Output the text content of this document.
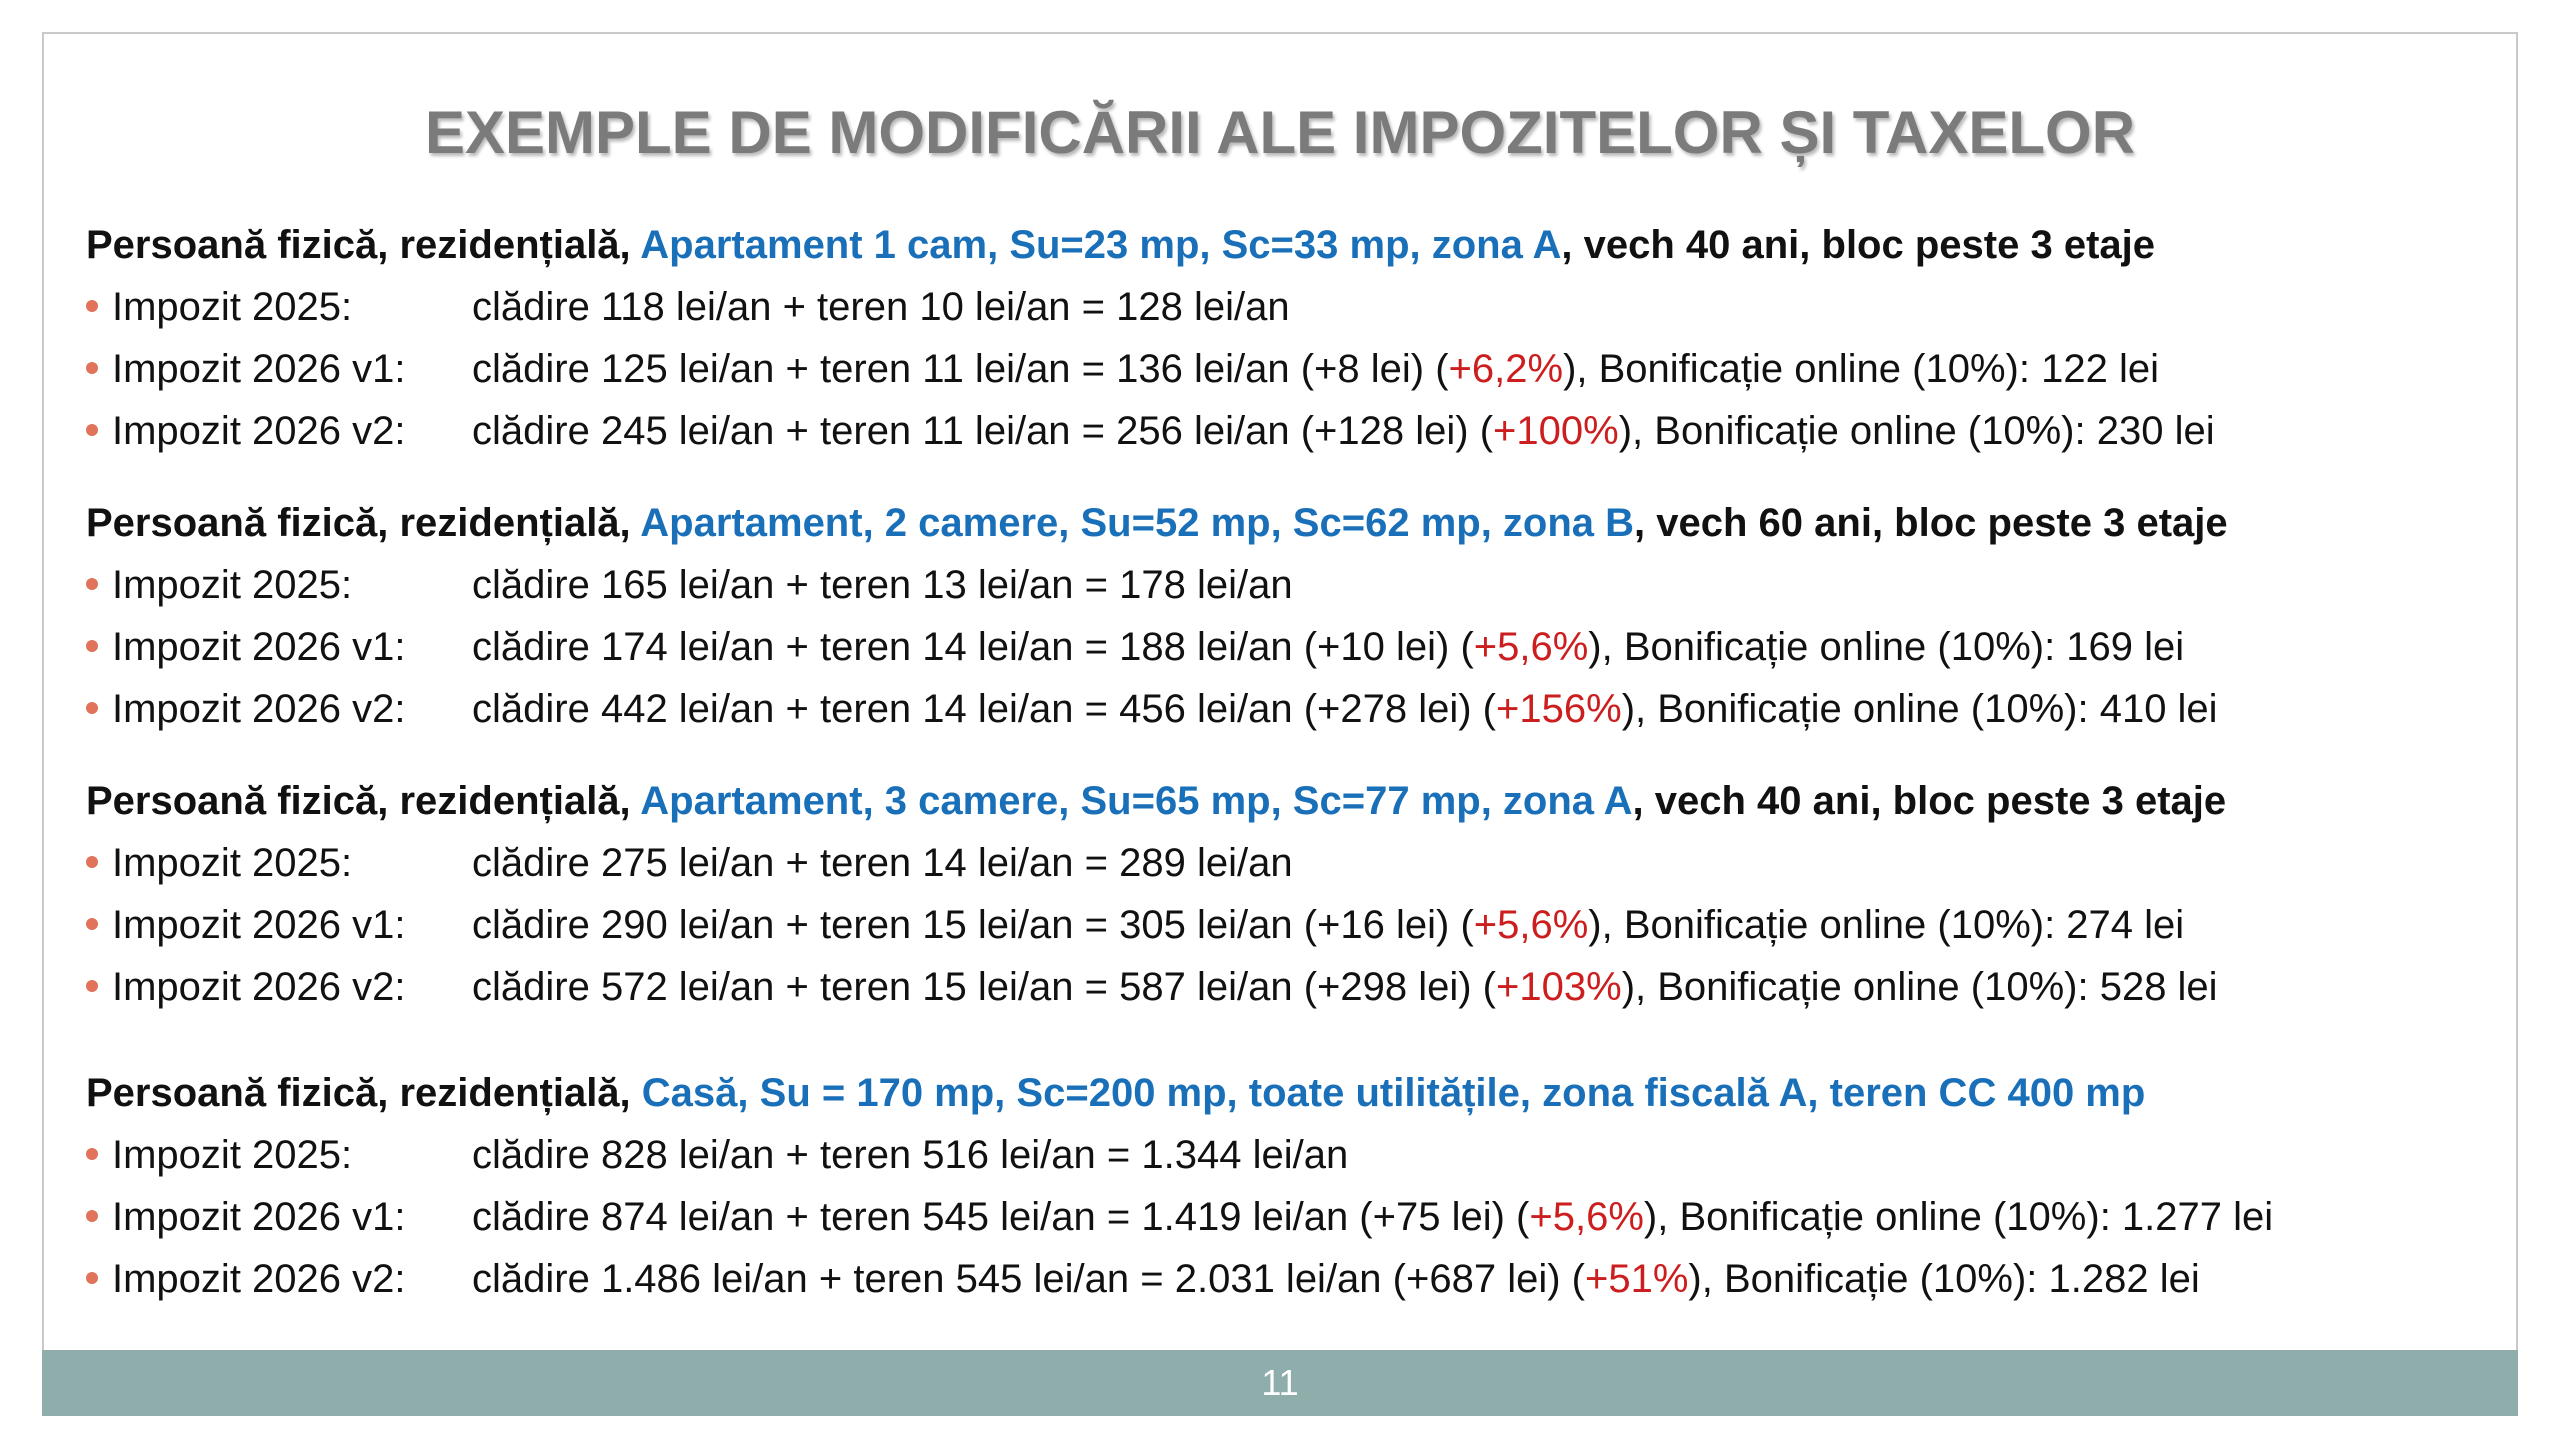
EXEMPLE DE MODIFICĂRII ALE IMPOZITELOR ȘI TAXELOR
Persoană fizică, rezidențială, Apartament 1 cam, Su=23 mp, Sc=33 mp, zona A, vech 40 ani, bloc peste 3 etaje
Impozit 2025:	clădire 118 lei/an + teren 10 lei/an = 128 lei/an
Impozit 2026 v1: clădire 125 lei/an + teren 11 lei/an = 136 lei/an (+8 lei) (+6,2%), Bonificație online (10%): 122 lei
Impozit 2026 v2: clădire 245 lei/an + teren 11 lei/an = 256 lei/an (+128 lei) (+100%), Bonificație online (10%): 230 lei
Persoană fizică, rezidențială, Apartament, 2 camere, Su=52 mp, Sc=62 mp, zona B, vech 60 ani, bloc peste 3 etaje
Impozit 2025:	clădire 165 lei/an + teren 13 lei/an = 178 lei/an
Impozit 2026 v1: clădire 174 lei/an + teren 14 lei/an = 188 lei/an (+10 lei) (+5,6%), Bonificație online (10%): 169 lei
Impozit 2026 v2: clădire 442 lei/an + teren 14 lei/an = 456 lei/an (+278 lei) (+156%), Bonificație online (10%): 410 lei
Persoană fizică, rezidențială, Apartament, 3 camere, Su=65 mp, Sc=77 mp, zona A, vech 40 ani, bloc peste 3 etaje
Impozit 2025:	clădire 275 lei/an + teren 14 lei/an = 289 lei/an
Impozit 2026 v1: clădire 290 lei/an + teren 15 lei/an = 305 lei/an (+16 lei) (+5,6%), Bonificație online (10%): 274 lei
Impozit 2026 v2: clădire 572 lei/an + teren 15 lei/an = 587 lei/an (+298 lei) (+103%), Bonificație online (10%): 528 lei
Persoană fizică, rezidențială, Casă, Su = 170 mp, Sc=200 mp, toate utilitățile, zona fiscală A, teren CC 400 mp
Impozit 2025:	clădire 828 lei/an + teren 516 lei/an = 1.344 lei/an
Impozit 2026 v1: clădire 874 lei/an + teren 545 lei/an = 1.419 lei/an (+75 lei) (+5,6%), Bonificație online (10%): 1.277 lei
Impozit 2026 v2: clădire 1.486 lei/an + teren 545 lei/an = 2.031 lei/an (+687 lei) (+51%), Bonificație (10%): 1.282 lei
11
